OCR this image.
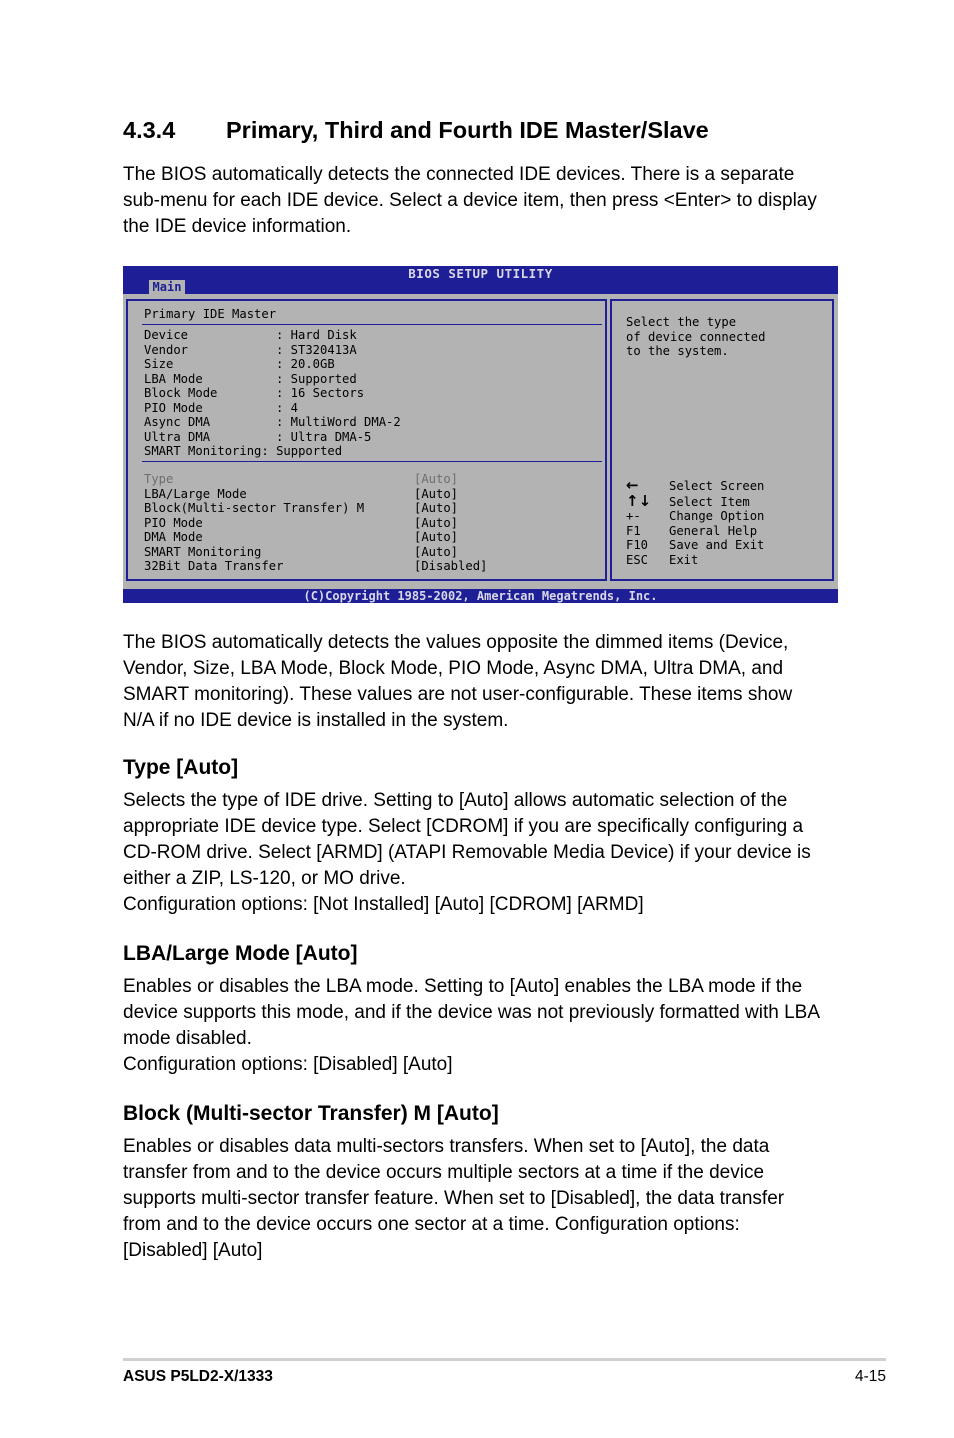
4.3.4 Primary, Third and Fourth IDE Master/Slave

The BIOS automatically detects the connected IDE devices. There is a separate

sub-menu for each IDE device. Select a device item, then press <Enter> to display

the IDE device information.

BIOS SETUP UTILITY
Main
Primary IDE Master
Device	: Hard Disk
Vendor	: ST320413A
Size	: 20.0GB
LBA Mode	: Supported
Block Mode	: 16 Sectors
PIO Mode	: 4
Async DMA	: MultiWord DMA-2
Ultra DMA	: Ultra DMA-5
SMART Monitoring: Supported
Type	[Auto]
LBA/Large Mode	[Auto]
Block(Multi-sector Transfer) M	[Auto]
PIO Mode	[Auto]
DMA Mode	[Auto]
SMART Monitoring	[Auto]
32Bit Data Transfer	[Disabled]
Select the type
of device connected
to the system.
← Select Screen
↑↓ Select Item
+- Change Option
F1 General Help
F10 Save and Exit
ESC Exit
(C)Copyright 1985-2002, American Megatrends, Inc.

The BIOS automatically detects the values opposite the dimmed items (Device,

Vendor, Size, LBA Mode, Block Mode, PIO Mode, Async DMA, Ultra DMA, and

SMART monitoring). These values are not user-configurable. These items show

N/A if no IDE device is installed in the system.

Type [Auto]

Selects the type of IDE drive. Setting to [Auto] allows automatic selection of the

appropriate IDE device type. Select [CDROM] if you are specifically configuring a

CD-ROM drive. Select [ARMD] (ATAPI Removable Media Device) if your device is

either a ZIP, LS-120, or MO drive.

Configuration options: [Not Installed] [Auto] [CDROM] [ARMD]

LBA/Large Mode [Auto]

Enables or disables the LBA mode. Setting to [Auto] enables the LBA mode if the

device supports this mode, and if the device was not previously formatted with LBA

mode disabled.

Configuration options: [Disabled] [Auto]

Block (Multi-sector Transfer) M [Auto]

Enables or disables data multi-sectors transfers. When set to [Auto], the data

transfer from and to the device occurs multiple sectors at a time if the device

supports multi-sector transfer feature. When set to [Disabled], the data transfer

from and to the device occurs one sector at a time. Configuration options:

[Disabled] [Auto]

ASUS P5LD2-X/1333	4-15
